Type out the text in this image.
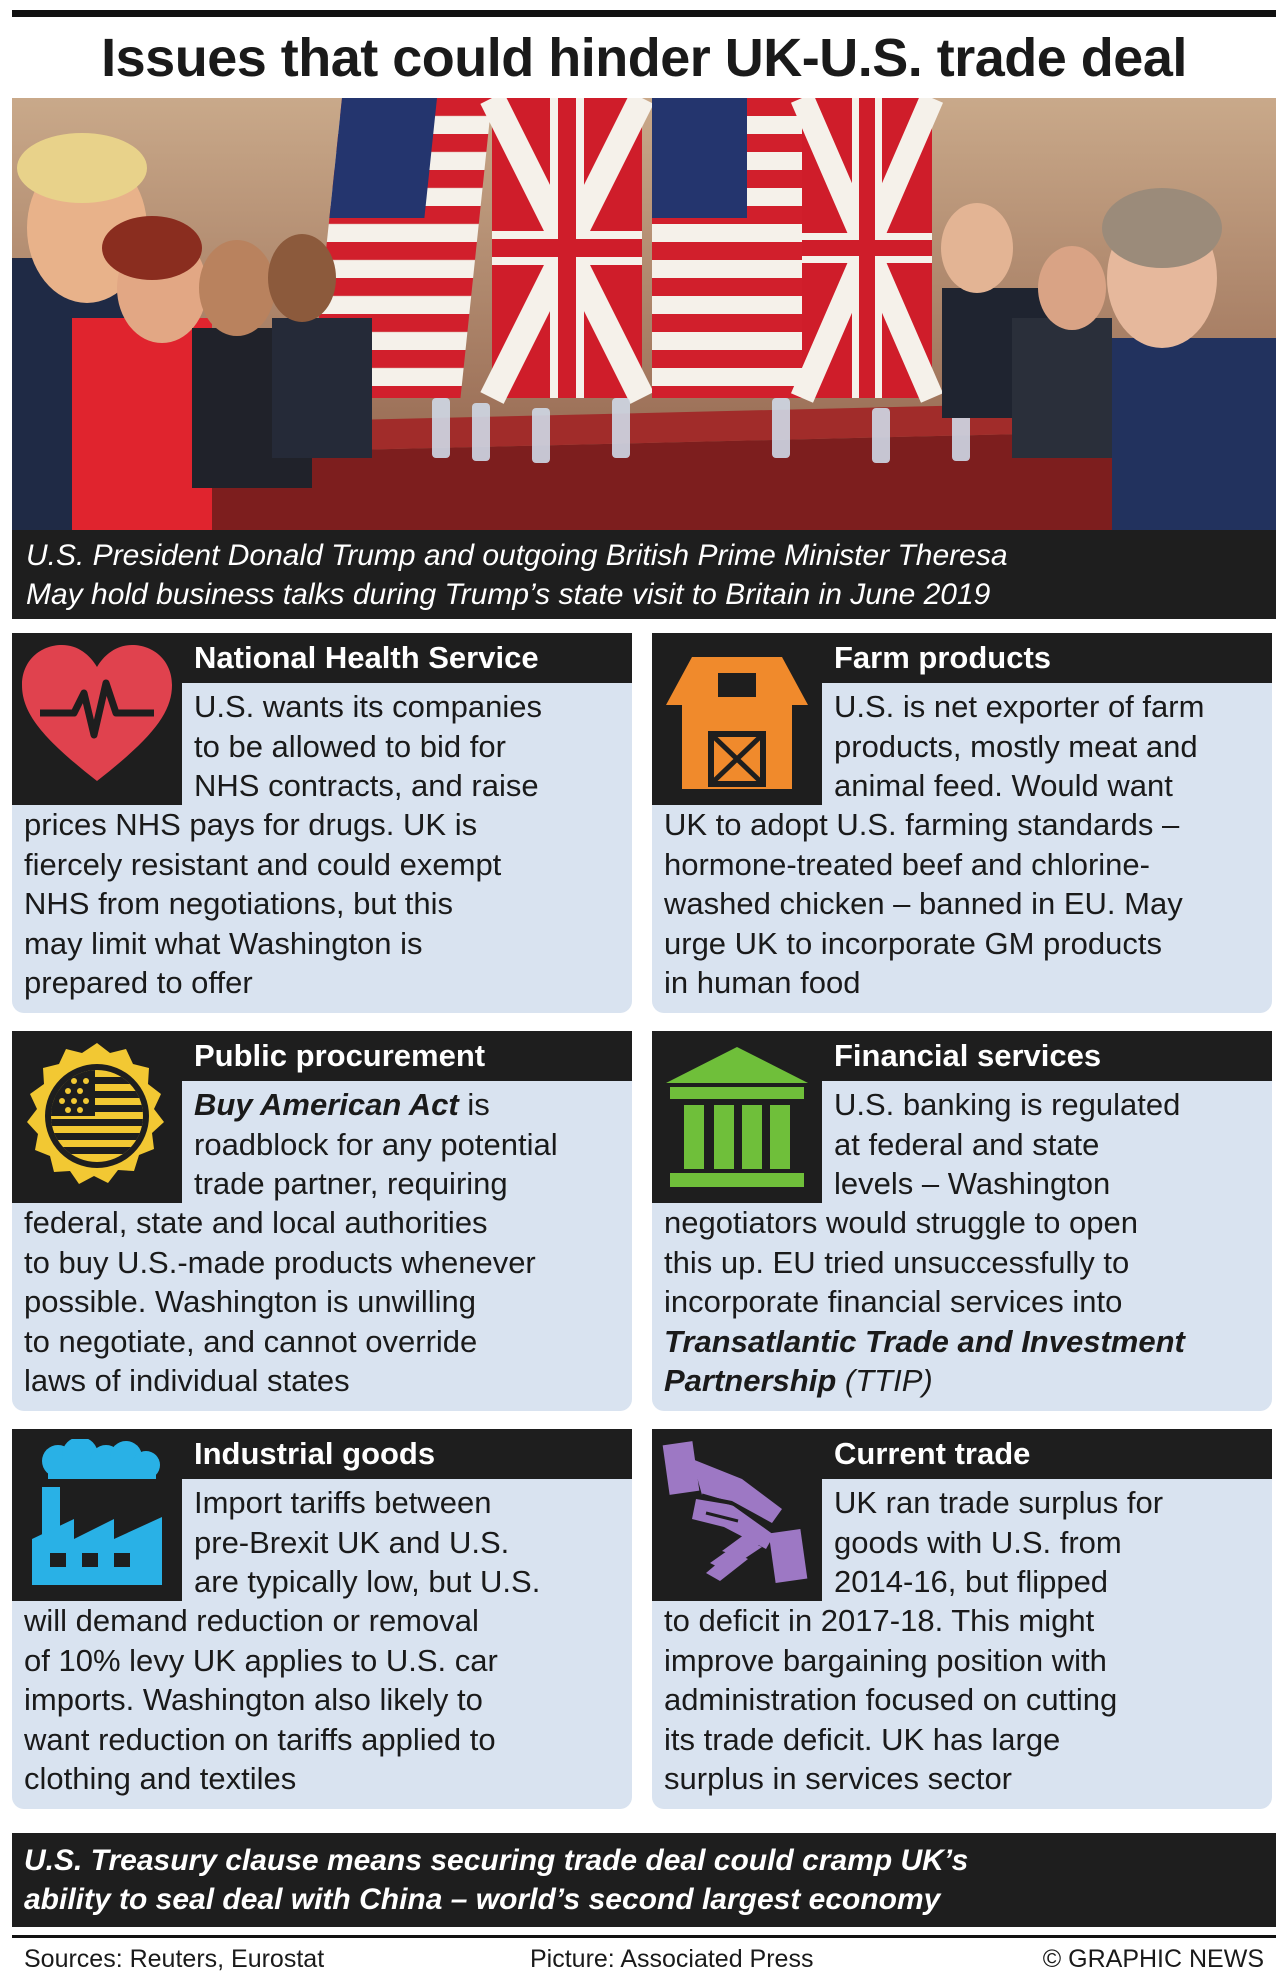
Issues that could hinder UK-U.S. trade deal
U.S. President Donald Trump and outgoing British Prime Minister Theresa
May hold business talks during Trump’s state visit to Britain in June 2019
National Health Service
U.S. wants its companies
to be allowed to bid for
NHS contracts, and raise
prices NHS pays for drugs. UK is
fiercely resistant and could exempt
NHS from negotiations, but this
may limit what Washington is
prepared to offer
Farm products
U.S. is net exporter of farm
products, mostly meat and
animal feed. Would want
UK to adopt U.S. farming standards –
hormone-treated beef and chlorine-
washed chicken – banned in EU. May
urge UK to incorporate GM products
in human food
Public procurement
Buy American Act is
roadblock for any potential
trade partner, requiring
federal, state and local authorities
to buy U.S.-made products whenever
possible. Washington is unwilling
to negotiate, and cannot override
laws of individual states
Financial services
U.S. banking is regulated
at federal and state
levels – Washington
negotiators would struggle to open
this up. EU tried unsuccessfully to
incorporate financial services into
Transatlantic Trade and Investment
Partnership (TTIP)
Industrial goods
Import tariffs between
pre-Brexit UK and U.S.
are typically low, but U.S.
will demand reduction or removal
of 10% levy UK applies to U.S. car
imports. Washington also likely to
want reduction on tariffs applied to
clothing and textiles
Current trade
UK ran trade surplus for
goods with U.S. from
2014-16, but flipped
to deficit in 2017-18. This might
improve bargaining position with
administration focused on cutting
its trade deficit. UK has large
surplus in services sector
U.S. Treasury clause means securing trade deal could cramp UK’s
ability to seal deal with China – world’s second largest economy
Sources: Reuters, Eurostat	Picture: Associated Press	© GRAPHIC NEWS
